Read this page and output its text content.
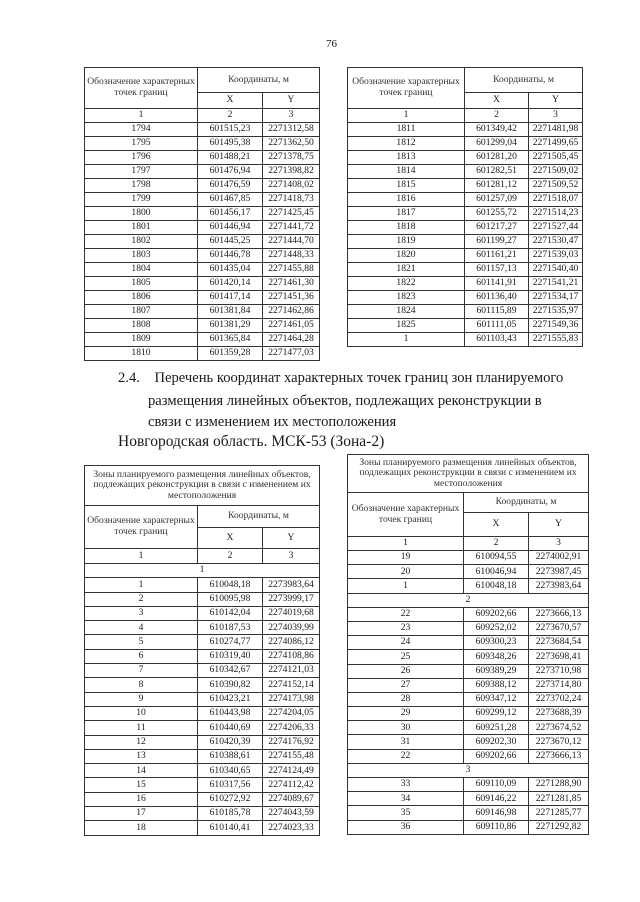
76
Обозначение характерных точек границ	Координаты, м	
	X	Y
1	2	3
1794	601515,23	2271312,58
1795	601495,38	2271362,50
1796	601488,21	2271378,75
1797	601476,94	2271398,82
1798	601476,59	2271408,02
1799	601467,85	2271418,73
1800	601456,17	2271425,45
1801	601446,94	2271441,72
1802	601445,25	2271444,70
1803	601446,78	2271448,33
1804	601435,04	2271455,88
1805	601420,14	2271461,30
1806	601417,14	2271451,36
1807	601381,84	2271462,86
1808	601381,29	2271461,05
1809	601365,84	2271464,28
1810	601359,28	2271477,03
Обозначение характерных точек границ	Координаты, м	
	X	Y
1	2	3
1811	601349,42	2271481,98
1812	601299,04	2271499,65
1813	601281,20	2271505,45
1814	601282,51	2271509,02
1815	601281,12	2271509,52
1816	601257,09	2271518,07
1817	601255,72	2271514,23
1818	601217,27	2271527,44
1819	601199,27	2271530,47
1820	601161,21	2271539,03
1821	601157,13	2271540,40
1822	601141,91	2271541,21
1823	601136,40	2271534,17
1824	601115,89	2271535,97
1825	601111,05	2271549,36
1	601103,43	2271555,83
2.4. Перечень координат характерных точек границ зон планируемого
размещения линейных объектов, подлежащих реконструкции в
связи с изменением их местоположения
Новгородская область. МСК-53 (Зона-2)
Зоны планируемого размещения линейных объектов, подлежащих реконструкции в связи с изменением их местоположения		
Обозначение характерных точек границ	Координаты, м	
	X	Y
1	2	3
1		
1	610048,18	2273983,64
2	610095,98	2273999,17
3	610142,04	2274019,68
4	610187,53	2274039,99
5	610274,77	2274086,12
6	610319,40	2274108,86
7	610342,67	2274121,03
8	610390,82	2274152,14
9	610423,21	2274173,98
10	610443,98	2274204,05
11	610440,69	2274206,33
12	610420,39	2274176,92
13	610388,61	2274155,48
14	610340,65	2274124,49
15	610317,56	2274112,42
16	610272,92	2274089,67
17	610185,78	2274043,59
18	610140,41	2274023,33
Зоны планируемого размещения линейных объектов, подлежащих реконструкции в связи с изменением их местоположения		
Обозначение характерных точек границ	Координаты, м	
	X	Y
1	2	3
19	610094,55	2274002,91
20	610046,94	2273987,45
1	610048,18	2273983,64
2		
22	609202,66	2273666,13
23	609252,02	2273670,57
24	609300,23	2273684,54
25	609348,26	2273698,41
26	609389,29	2273710,98
27	609388,12	2273714,80
28	609347,12	2273702,24
29	609299,12	2273688,39
30	609251,28	2273674,52
31	609202,30	2273670,12
22	609202,66	2273666,13
3		
33	609110,09	2271288,90
34	609146,22	2271281,85
35	609146,98	2271285,77
36	609110,86	2271292,82
